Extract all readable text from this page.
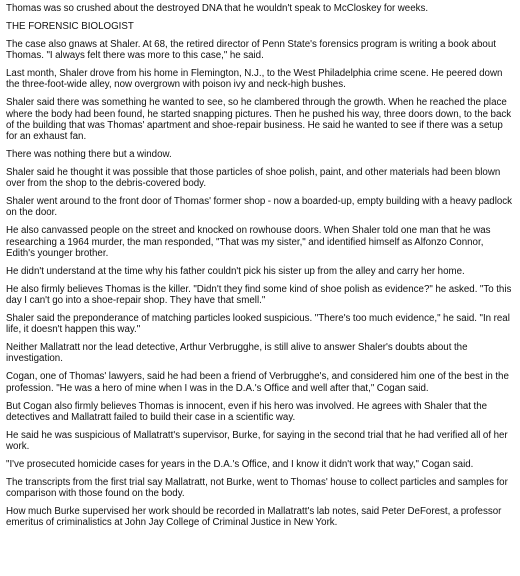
Thomas was so crushed about the destroyed DNA that he wouldn't speak to McCloskey for weeks.

THE FORENSIC BIOLOGIST

The case also gnaws at Shaler. At 68, the retired director of Penn State's forensics program is writing a book about Thomas. "I always felt there was more to this case," he said.

Last month, Shaler drove from his home in Flemington, N.J., to the West Philadelphia crime scene. He peered down the three-foot-wide alley, now overgrown with poison ivy and neck-high bushes.

Shaler said there was something he wanted to see, so he clambered through the growth. When he reached the place where the body had been found, he started snapping pictures. Then he pushed his way, three doors down, to the back of the building that was Thomas' apartment and shoe-repair business. He said he wanted to see if there was a setup for an exhaust fan.

There was nothing there but a window.

Shaler said he thought it was possible that those particles of shoe polish, paint, and other materials had been blown over from the shop to the debris-covered body.

Shaler went around to the front door of Thomas' former shop - now a boarded-up, empty building with a heavy padlock on the door.

He also canvassed people on the street and knocked on rowhouse doors. When Shaler told one man that he was researching a 1964 murder, the man responded, "That was my sister," and identified himself as Alfonzo Connor, Edith's younger brother.

He didn't understand at the time why his father couldn't pick his sister up from the alley and carry her home.

He also firmly believes Thomas is the killer. "Didn't they find some kind of shoe polish as evidence?" he asked. "To this day I can't go into a shoe-repair shop. They have that smell."

Shaler said the preponderance of matching particles looked suspicious. "There's too much evidence," he said. "In real life, it doesn't happen this way."

Neither Mallatratt nor the lead detective, Arthur Verbrugghe, is still alive to answer Shaler's doubts about the investigation.

Cogan, one of Thomas' lawyers, said he had been a friend of Verbrugghe's, and considered him one of the best in the profession. "He was a hero of mine when I was in the D.A.'s Office and well after that," Cogan said.

But Cogan also firmly believes Thomas is innocent, even if his hero was involved. He agrees with Shaler that the detectives and Mallatratt failed to build their case in a scientific way.

He said he was suspicious of Mallatratt's supervisor, Burke, for saying in the second trial that he had verified all of her work.

"I've prosecuted homicide cases for years in the D.A.'s Office, and I know it didn't work that way," Cogan said.

The transcripts from the first trial say Mallatratt, not Burke, went to Thomas' house to collect particles and samples for comparison with those found on the body.

How much Burke supervised her work should be recorded in Mallatratt's lab notes, said Peter DeForest, a professor emeritus of criminalistics at John Jay College of Criminal Justice in New York.
